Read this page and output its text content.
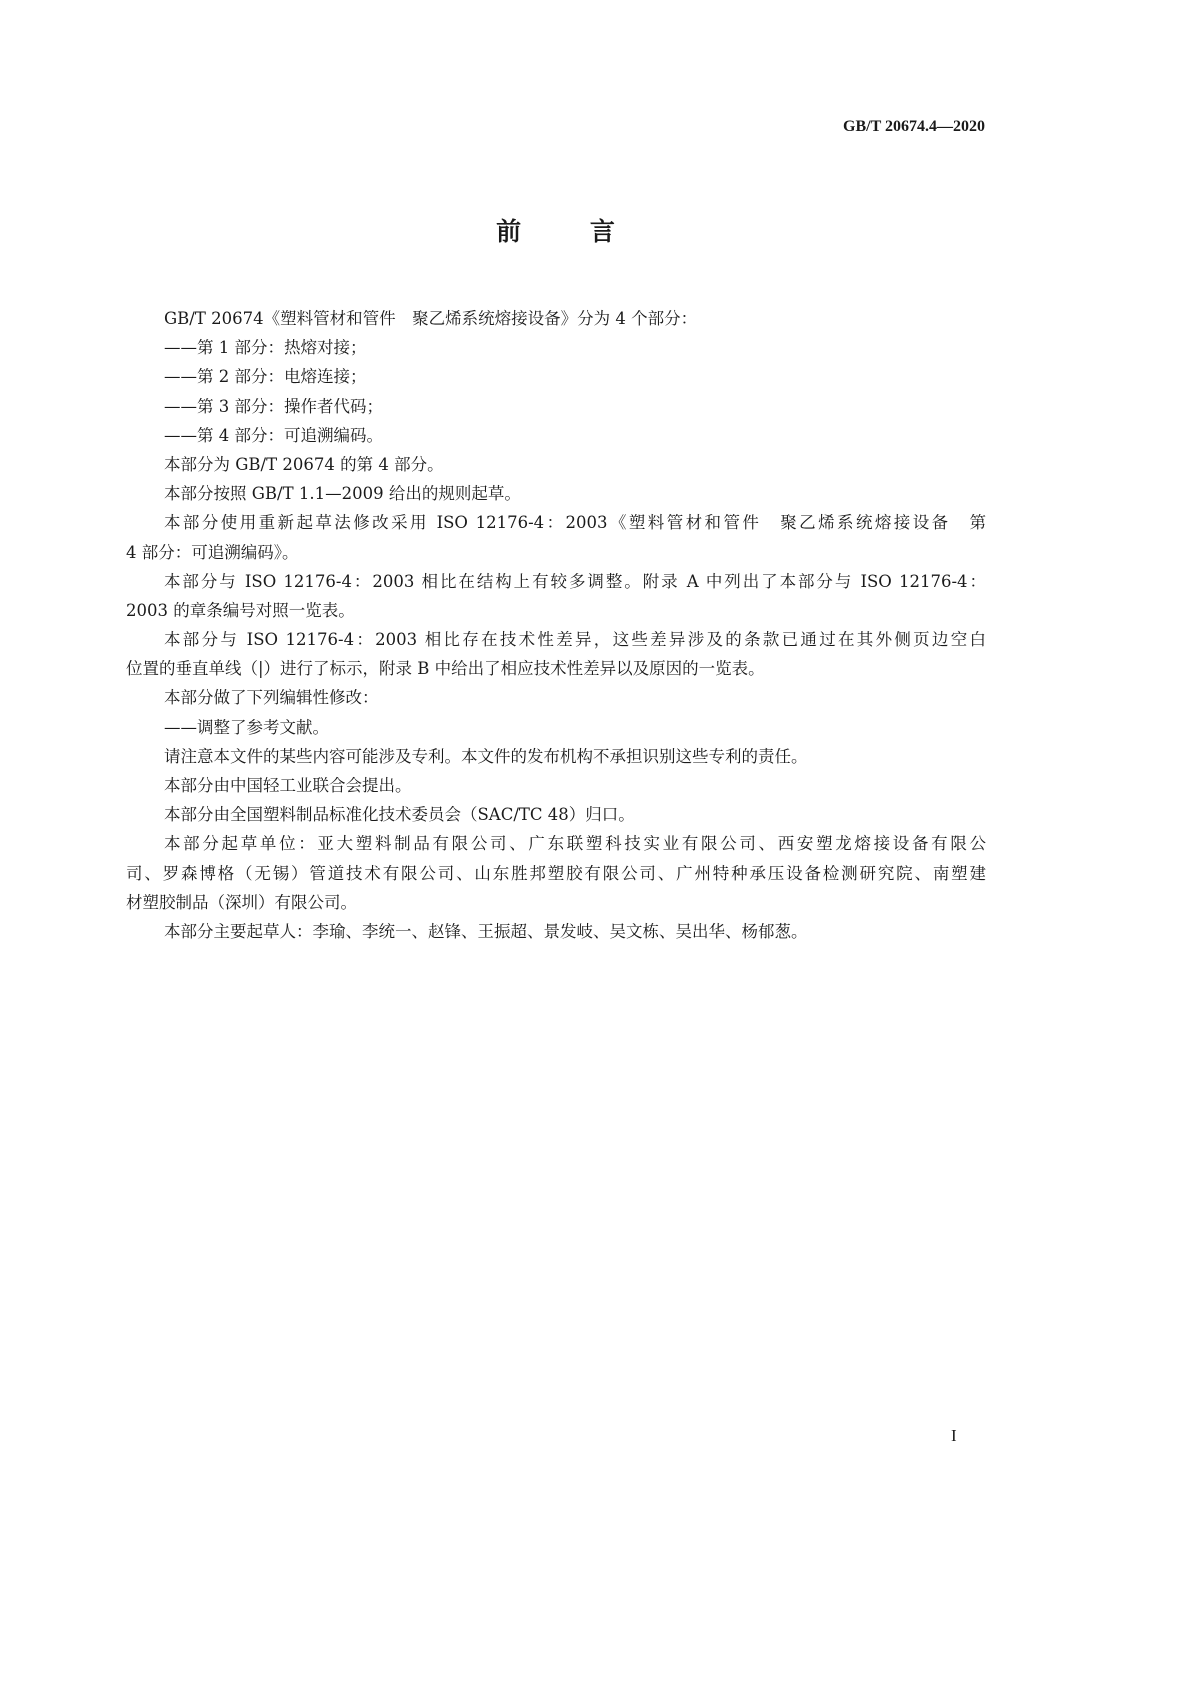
GB/T 20674.4—2020
前 言
GB/T 20674《塑料管材和管件　聚乙烯系统熔接设备》分为 4 个部分：
——第 1 部分：热熔对接；
——第 2 部分：电熔连接；
——第 3 部分：操作者代码；
——第 4 部分：可追溯编码。
本部分为 GB/T 20674 的第 4 部分。
本部分按照 GB/T 1.1—2009 给出的规则起草。
本部分使用重新起草法修改采用 ISO 12176-4：2003《塑料管材和管件　聚乙烯系统熔接设备　第
4 部分：可追溯编码》。
本部分与 ISO 12176-4：2003 相比在结构上有较多调整。附录 A 中列出了本部分与 ISO 12176-4：
2003 的章条编号对照一览表。
本部分与 ISO 12176-4：2003 相比存在技术性差异，这些差异涉及的条款已通过在其外侧页边空白
位置的垂直单线（|）进行了标示，附录 B 中给出了相应技术性差异以及原因的一览表。
本部分做了下列编辑性修改：
——调整了参考文献。
请注意本文件的某些内容可能涉及专利。本文件的发布机构不承担识别这些专利的责任。
本部分由中国轻工业联合会提出。
本部分由全国塑料制品标准化技术委员会（SAC/TC 48）归口。
本部分起草单位：亚大塑料制品有限公司、广东联塑科技实业有限公司、西安塑龙熔接设备有限公
司、罗森博格（无锡）管道技术有限公司、山东胜邦塑胶有限公司、广州特种承压设备检测研究院、南塑建
材塑胶制品（深圳）有限公司。
本部分主要起草人：李瑜、李统一、赵锋、王振超、景发岐、吴文栋、吴出华、杨郁葱。
I
